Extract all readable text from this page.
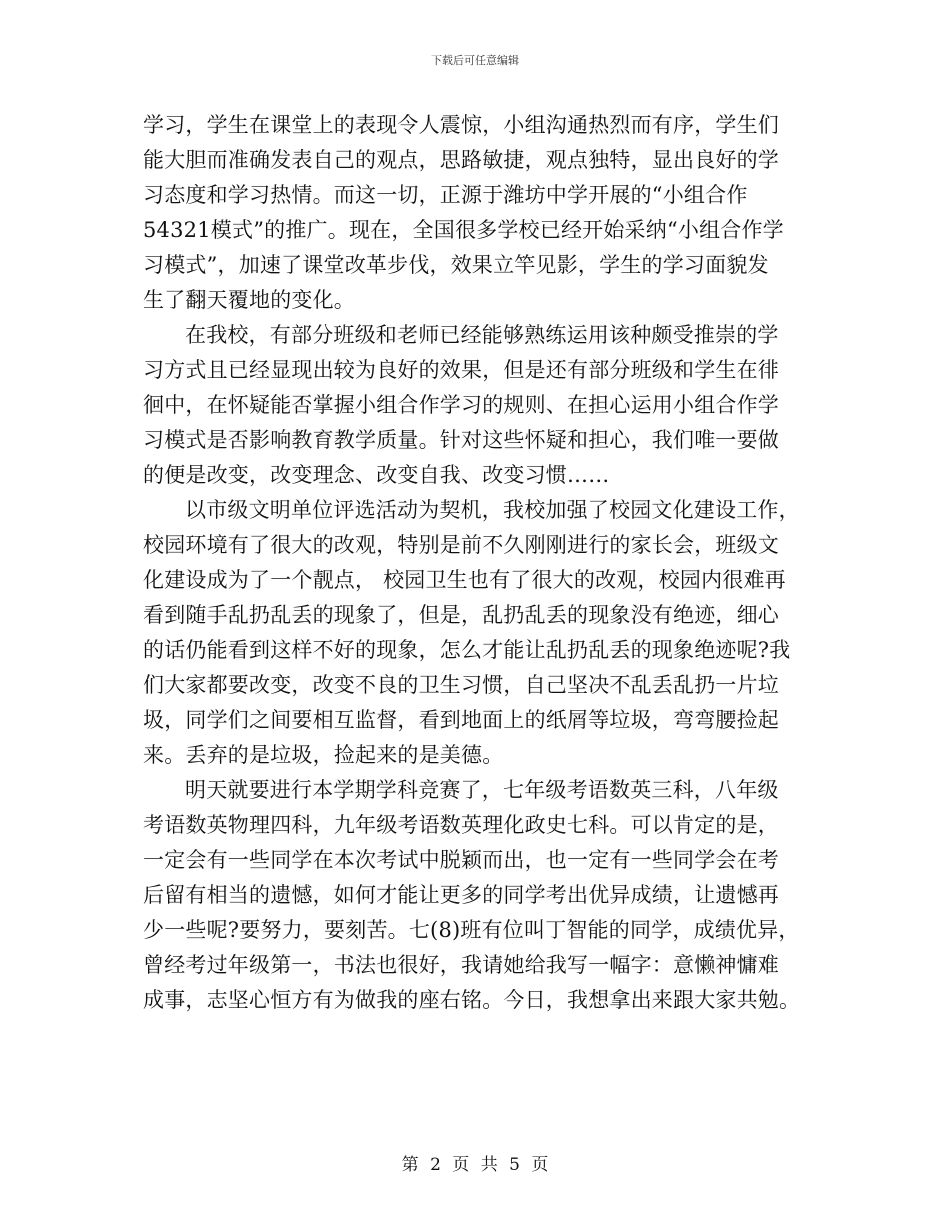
下载后可任意编辑
学习，学生在课堂上的表现令人震惊，小组沟通热烈而有序，学生们
能大胆而准确发表自己的观点，思路敏捷，观点独特，显出良好的学
习态度和学习热情。而这一切，正源于潍坊中学开展的“小组合作
54321模式”的推广。现在，全国很多学校已经开始采纳“小组合作学
习模式”，加速了课堂改革步伐，效果立竿见影，学生的学习面貌发
生了翻天覆地的变化。
在我校，有部分班级和老师已经能够熟练运用该种颇受推崇的学
习方式且已经显现出较为良好的效果，但是还有部分班级和学生在徘
徊中，在怀疑能否掌握小组合作学习的规则、在担心运用小组合作学
习模式是否影响教育教学质量。针对这些怀疑和担心，我们唯一要做
的便是改变，改变理念、改变自我、改变习惯……
以市级文明单位评选活动为契机，我校加强了校园文化建设工作，
校园环境有了很大的改观，特别是前不久刚刚进行的家长会，班级文
化建设成为了一个靓点， 校园卫生也有了很大的改观，校园内很难再
看到随手乱扔乱丢的现象了，但是，乱扔乱丢的现象没有绝迹，细心
的话仍能看到这样不好的现象，怎么才能让乱扔乱丢的现象绝迹呢?我
们大家都要改变，改变不良的卫生习惯，自己坚决不乱丢乱扔一片垃
圾，同学们之间要相互监督，看到地面上的纸屑等垃圾，弯弯腰捡起
来。丢弃的是垃圾，捡起来的是美德。
明天就要进行本学期学科竞赛了，七年级考语数英三科，八年级
考语数英物理四科，九年级考语数英理化政史七科。可以肯定的是，
一定会有一些同学在本次考试中脱颖而出，也一定有一些同学会在考
后留有相当的遗憾，如何才能让更多的同学考出优异成绩，让遗憾再
少一些呢?要努力，要刻苦。七(8)班有位叫丁智能的同学，成绩优异，
曾经考过年级第一，书法也很好，我请她给我写一幅字：意懒神慵难
成事，志坚心恒方有为做我的座右铭。今日，我想拿出来跟大家共勉。
第 2 页 共 5 页
